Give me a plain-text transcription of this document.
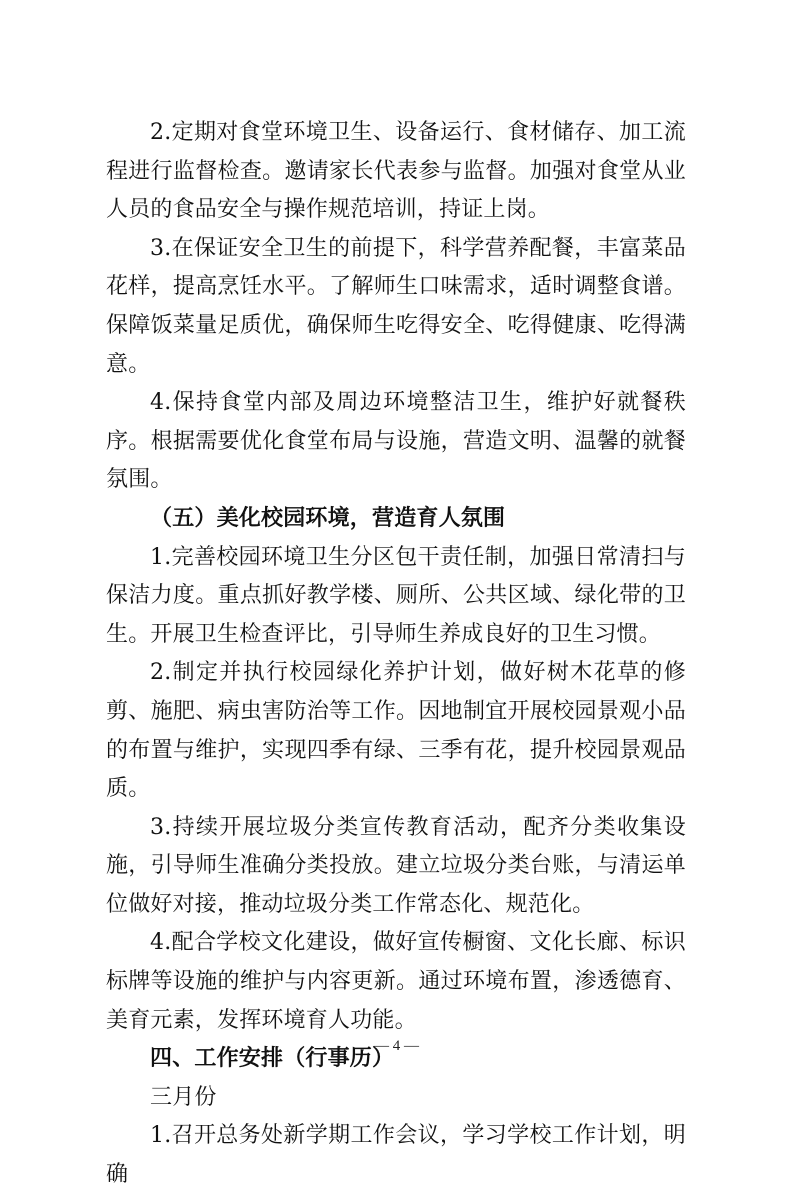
2.定期对食堂环境卫生、设备运行、食材储存、加工流程进行监督检查。邀请家长代表参与监督。加强对食堂从业人员的食品安全与操作规范培训，持证上岗。

3.在保证安全卫生的前提下，科学营养配餐，丰富菜品花样，提高烹饪水平。了解师生口味需求，适时调整食谱。保障饭菜量足质优，确保师生吃得安全、吃得健康、吃得满意。

4.保持食堂内部及周边环境整洁卫生，维护好就餐秩序。根据需要优化食堂布局与设施，营造文明、温馨的就餐氛围。

（五）美化校园环境，营造育人氛围

1.完善校园环境卫生分区包干责任制，加强日常清扫与保洁力度。重点抓好教学楼、厕所、公共区域、绿化带的卫生。开展卫生检查评比，引导师生养成良好的卫生习惯。

2.制定并执行校园绿化养护计划，做好树木花草的修剪、施肥、病虫害防治等工作。因地制宜开展校园景观小品的布置与维护，实现四季有绿、三季有花，提升校园景观品质。

3.持续开展垃圾分类宣传教育活动，配齐分类收集设施，引导师生准确分类投放。建立垃圾分类台账，与清运单位做好对接，推动垃圾分类工作常态化、规范化。

4.配合学校文化建设，做好宣传橱窗、文化长廊、标识标牌等设施的维护与内容更新。通过环境布置，渗透德育、美育元素，发挥环境育人功能。

四、工作安排（行事历）

三月份

1.召开总务处新学期工作会议，学习学校工作计划，明确

— 4 —
